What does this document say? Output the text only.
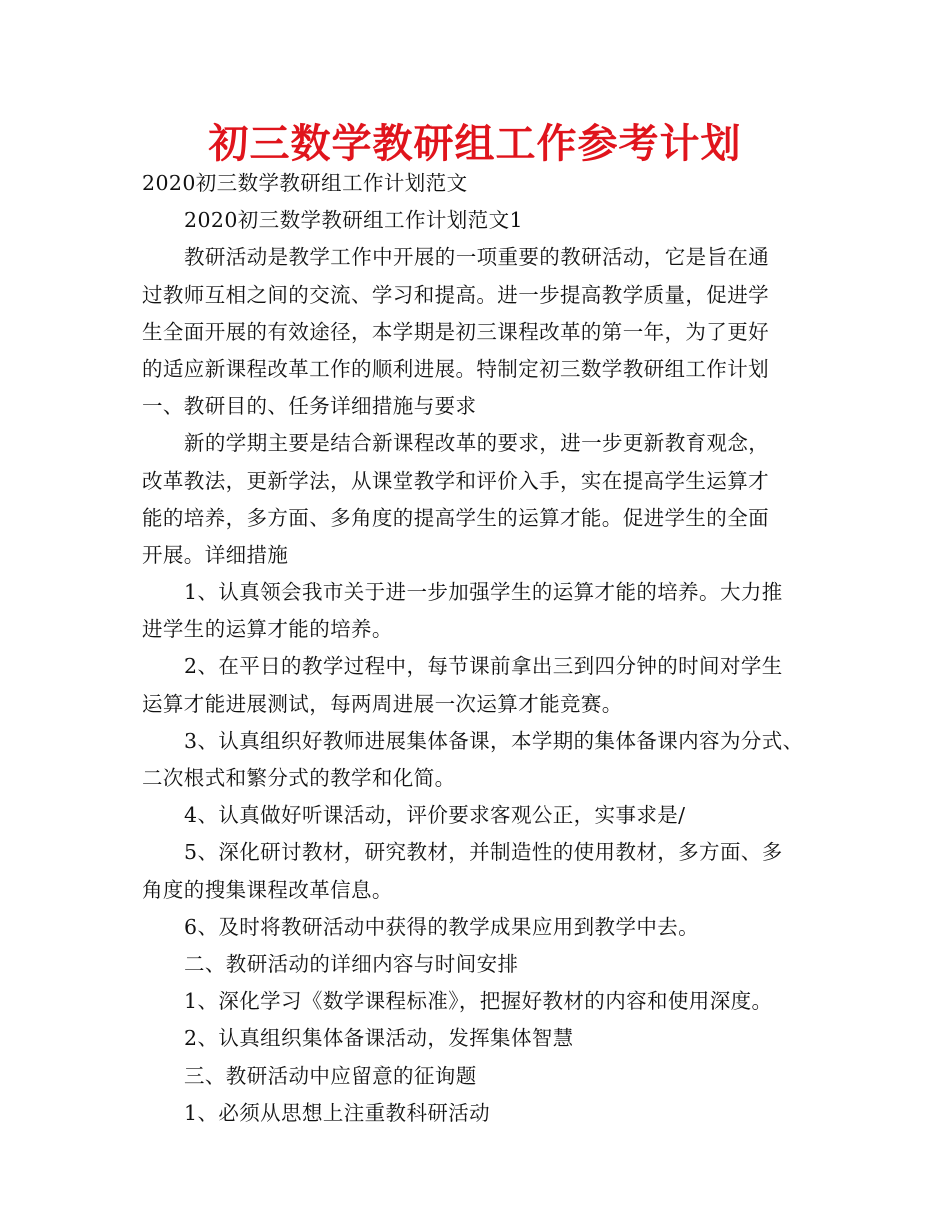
初三数学教研组工作参考计划
2020初三数学教研组工作计划范文
2020初三数学教研组工作计划范文1
教研活动是教学工作中开展的一项重要的教研活动，它是旨在通
过教师互相之间的交流、学习和提高。进一步提高教学质量，促进学
生全面开展的有效途径，本学期是初三课程改革的第一年，为了更好
的适应新课程改革工作的顺利进展。特制定初三数学教研组工作计划
一、教研目的、任务详细措施与要求
新的学期主要是结合新课程改革的要求，进一步更新教育观念，
改革教法，更新学法，从课堂教学和评价入手，实在提高学生运算才
能的培养，多方面、多角度的提高学生的运算才能。促进学生的全面
开展。详细措施
1、认真领会我市关于进一步加强学生的运算才能的培养。大力推
进学生的运算才能的培养。
2、在平日的教学过程中，每节课前拿出三到四分钟的时间对学生
运算才能进展测试，每两周进展一次运算才能竞赛。
3、认真组织好教师进展集体备课，本学期的集体备课内容为分式、
二次根式和繁分式的教学和化简。
4、认真做好听课活动，评价要求客观公正，实事求是/
5、深化研讨教材，研究教材，并制造性的使用教材，多方面、多
角度的搜集课程改革信息。
6、及时将教研活动中获得的教学成果应用到教学中去。
二、教研活动的详细内容与时间安排
1、深化学习《数学课程标准》，把握好教材的内容和使用深度。
2、认真组织集体备课活动，发挥集体智慧
三、教研活动中应留意的征询题
1、必须从思想上注重教科研活动
